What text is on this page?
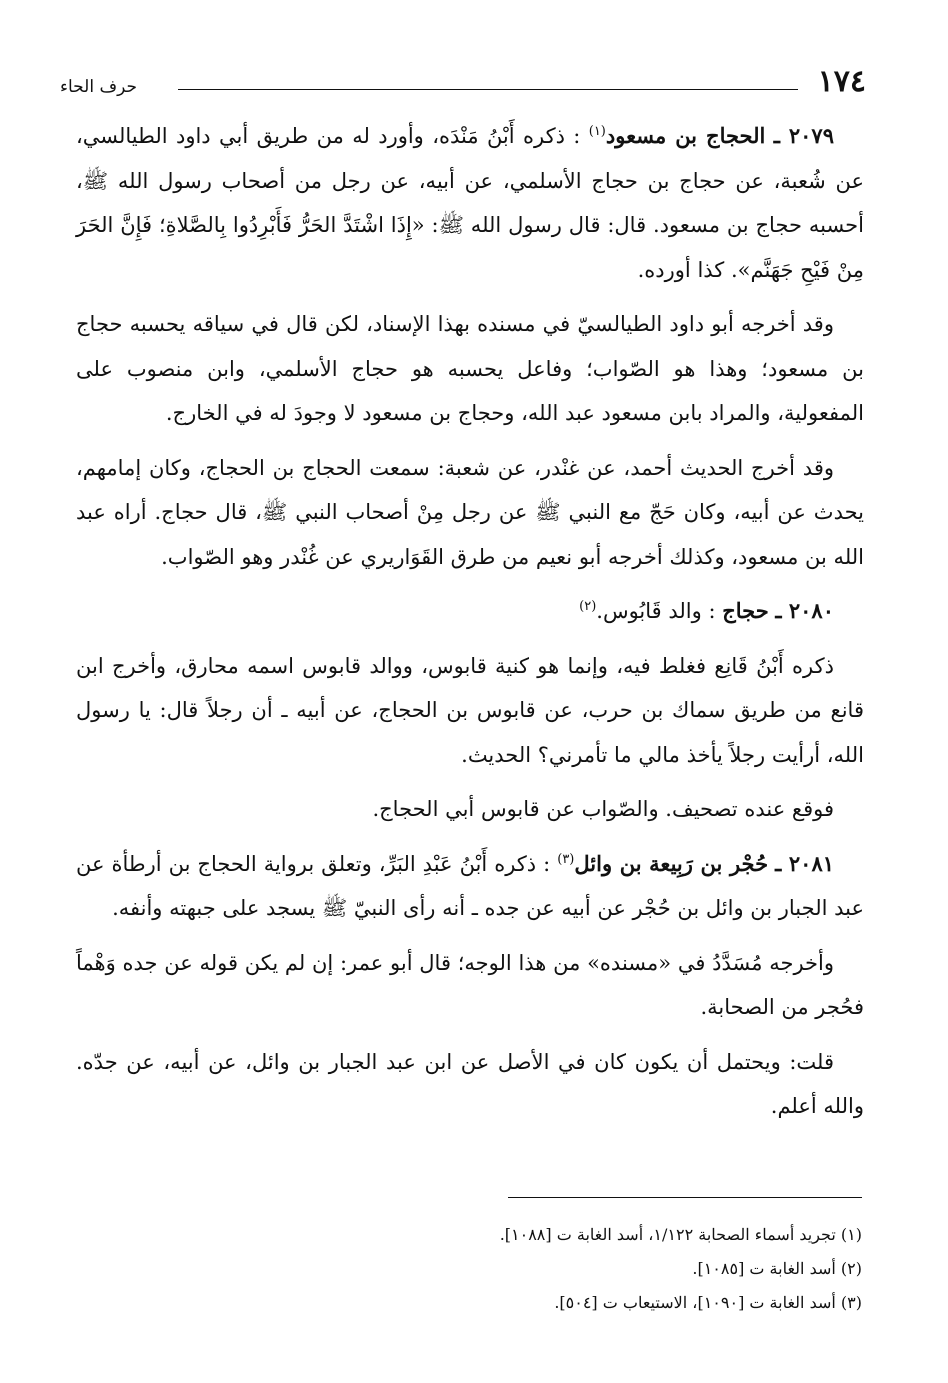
١٧٤
حرف الحاء

٢٠٧٩ ـ الحجاج بن مسعود$^{(١)}$ : ذكره أَبْنُ مَنْدَه، وأورد له من طريق أبي داود الطيالسي، عن شُعبة، عن حجاج بن حجاج الأسلمي، عن أبيه، عن رجل من أصحاب رسول الله ﷺ، أحسبه حجاج بن مسعود. قال: قال رسول الله ﷺ: «إِذَا اشْتَدَّ الحَرُّ فَأَبْرِدُوا بِالصَّلاةِ؛ فَإِنَّ الحَرَ مِنْ فَيْحِ جَهَنَّم». كذا أورده.

وقد أخرجه أبو داود الطيالسيّ في مسنده بهذا الإسناد، لكن قال في سياقه يحسبه حجاج بن مسعود؛ وهذا هو الصّواب؛ وفاعل يحسبه هو حجاج الأسلمي، وابن منصوب على المفعولية، والمراد بابن مسعود عبد الله، وحجاج بن مسعود لا وجودَ له في الخارج.

وقد أخرج الحديث أحمد، عن غنْدر، عن شعبة: سمعت الحجاج بن الحجاج، وكان إمامهم، يحدث عن أبيه، وكان حَجّ مع النبي ﷺ عن رجل مِنْ أصحاب النبي ﷺ، قال حجاج. أراه عبد الله بن مسعود، وكذلك أخرجه أبو نعيم من طرق القَوَاريري عن غُنْدر وهو الصّواب.

٢٠٨٠ ـ حجاج : والد قَابُوس.$^{(٢)}$

ذكره أَبْنُ قَانِع فغلط فيه، وإنما هو كنية قابوس، ووالد قابوس اسمه محارق، وأخرج ابن قانع من طريق سماك بن حرب، عن قابوس بن الحجاج، عن أبيه ـ أن رجلاً قال: يا رسول الله، أرأيت رجلاً يأخذ مالي ما تأمرني؟ الحديث.

فوقع عنده تصحيف. والصّواب عن قابوس أبي الحجاج.

٢٠٨١ ـ حُجْر بن رَبِيعة بن وائل$^{(٣)}$ : ذكره أَبْنُ عَبْدِ البَرِّ، وتعلق برواية الحجاج بن أرطأة عن عبد الجبار بن وائل بن حُجْر عن أبيه عن جده ـ أنه رأى النبيّ ﷺ يسجد على جبهته وأنفه.

وأخرجه مُسَدَّدُ في «مسنده» من هذا الوجه؛ قال أبو عمر: إن لم يكن قوله عن جده وَهْماً فحُجر من الصحابة.

قلت: ويحتمل أن يكون كان في الأصل عن ابن عبد الجبار بن وائل، عن أبيه، عن جدّه. والله أعلم.

(١) تجريد أسماء الصحابة ١/١٢٢، أسد الغابة ت [١٠٨٨].

(٢) أسد الغابة ت [١٠٨٥].

(٣) أسد الغابة ت [١٠٩٠]، الاستيعاب ت [٥٠٤].
